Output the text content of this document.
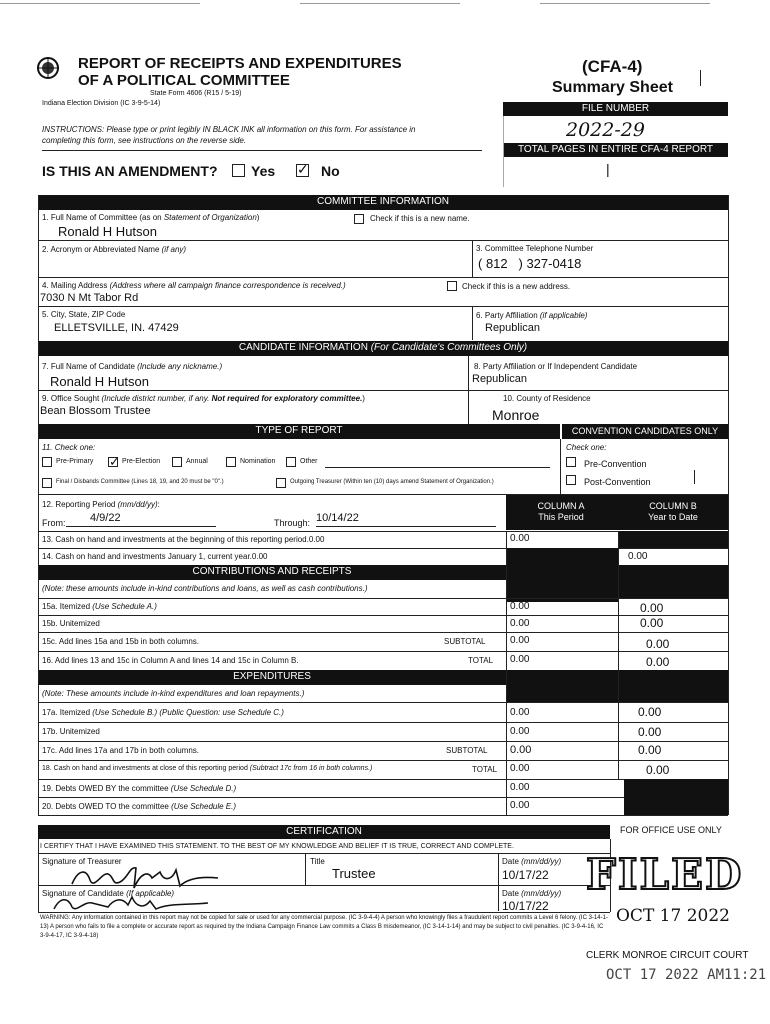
REPORT OF RECEIPTS AND EXPENDITURES
OF A POLITICAL COMMITTEE
State Form 4606 (R15 / 5-19)
Indiana Election Division (IC 3-9-5-14)
(CFA-4)
Summary Sheet
FILE NUMBER
2022-29
TOTAL PAGES IN ENTIRE CFA-4 REPORT
|
INSTRUCTIONS: Please type or print legibly IN BLACK INK all information on this form. For assistance in completing this form, see instructions on the reverse side.
IS THIS AN AMENDMENT? Yes ✓ No
COMMITTEE INFORMATION
1. Full Name of Committee (as on Statement of Organization)	Check if this is a new name.
Ronald H Hutson
2. Acronym or Abbreviated Name (if any)	3. Committee Telephone Number
( 812   ) 327-0418
4. Mailing Address (Address where all campaign finance correspondence is received.)	Check if this is a new address.
7030 N Mt Tabor Rd
5. City, State, ZIP Code
ELLETSVILLE, IN. 47429
6. Party Affiliation (if applicable)
Republican
CANDIDATE INFORMATION (For Candidate's Committees Only)
7. Full Name of Candidate (Include any nickname.)
Ronald H Hutson
8. Party Affiliation or If Independent Candidate
Republican
9. Office Sought (Include district number, if any. Not required for exploratory committee.)
Bean Blossom Trustee
10. County of Residence
Monroe
TYPE OF REPORT	CONVENTION CANDIDATES ONLY
11. Check one:	Check one:
Pre-Primary ✓ Pre-Election	Annual	Nomination	Other	Pre-Convention
Post-Convention
Final / Disbands Committee (Lines 18, 19, and 20 must be "0".)	Outgoing Treasurer (Within ten (10) days amend Statement of Organization.)
12. Reporting Period (mm/dd/yy):
From: 4/9/22	Through: 10/14/22
COLUMN A
This Period
COLUMN B
Year to Date
13. Cash on hand and investments at the beginning of this reporting period.0.00	0.00
14. Cash on hand and investments January 1, current year.0.00	0.00
CONTRIBUTIONS AND RECEIPTS
(Note: these amounts include in-kind contributions and loans, as well as cash contributions.)
15a. Itemized (Use Schedule A.)	0.00	0.00
15b. Unitemized	0.00	0.00
15c. Add lines 15a and 15b in both columns.	SUBTOTAL 0.00	0.00
16. Add lines 13 and 15c in Column A and lines 14 and 15c in Column B.	TOTAL 0.00	0.00
EXPENDITURES
(Note: These amounts include in-kind expenditures and loan repayments.)
17a. Itemized (Use Schedule B.) (Public Question: use Schedule C.)	0.00	0.00
17b. Unitemized	0.00	0.00
17c. Add lines 17a and 17b in both columns.	SUBTOTAL 0.00	0.00
18. Cash on hand and investments at close of this reporting period (Subtract 17c from 16 in both columns.)	TOTAL 0.00	0.00
19. Debts OWED BY the committee (Use Schedule D.)	0.00
20. Debts OWED TO the committee (Use Schedule E.)	0.00
CERTIFICATION	FOR OFFICE USE ONLY
I CERTIFY THAT I HAVE EXAMINED THIS STATEMENT. TO THE BEST OF MY KNOWLEDGE AND BELIEF IT IS TRUE, CORRECT AND COMPLETE.
Signature of Treasurer	Title
Trustee
Date (mm/dd/yy)
10/17/22
Signature of Candidate (If applicable)	Date (mm/dd/yy)
10/17/22
WARNING: Any information contained in this report may not be copied for sale or used for any commercial purpose. (IC 3-9-4-4) A person who knowingly files a fraudulent report commits a Level 6 felony. (IC 3-14-1-13) A person who fails to file a complete or accurate report as required by the Indiana Campaign Finance Law commits a Class B misdemeanor, (IC 3-14-1-14) and may be subject to civil penalties. (IC 3-9-4-16, IC 3-9-4-17, IC 3-9-4-18)
FILED
OCT 17 2022
CLERK MONROE CIRCUIT COURT
OCT 17 2022 AM11:21
